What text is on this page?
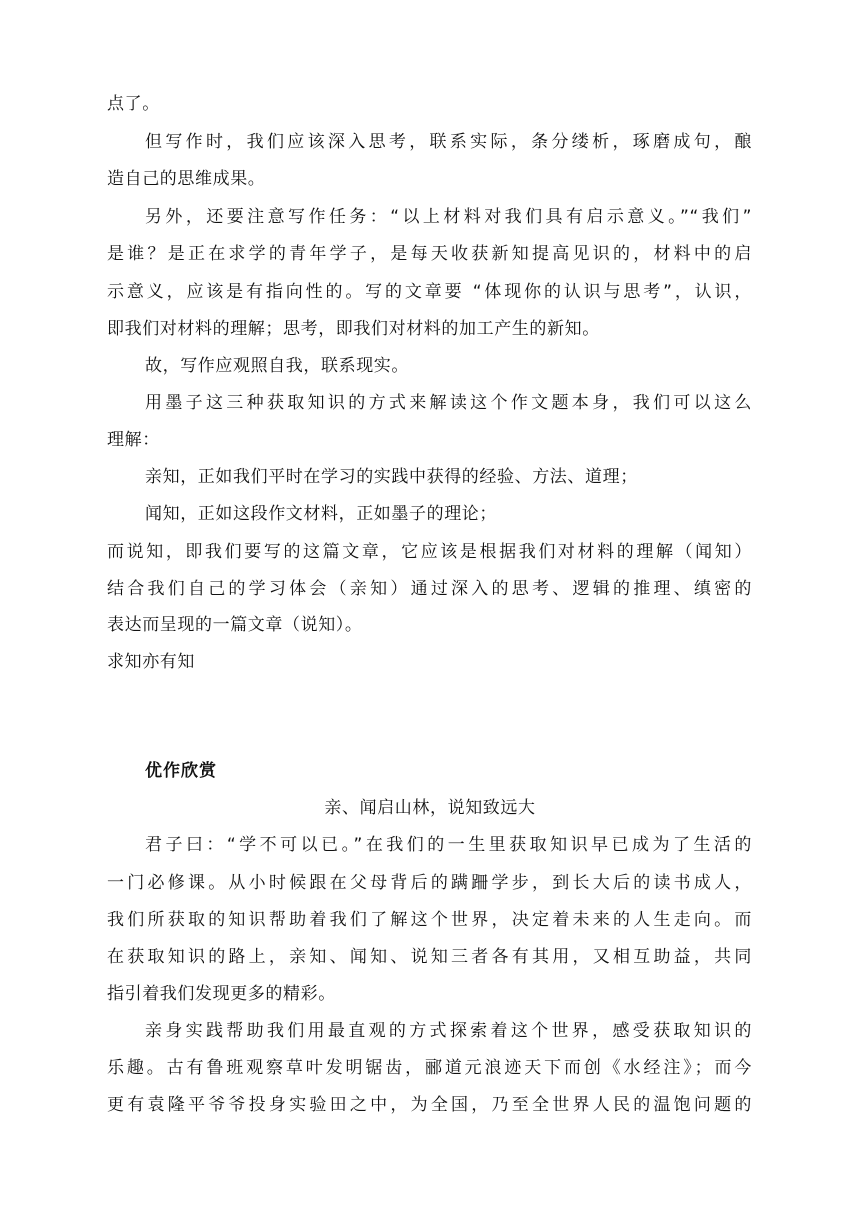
点了。
但写作时，我们应该深入思考，联系实际，条分缕析，琢磨成句，酿
造自己的思维成果。
另外，还要注意写作任务：“以上材料对我们具有启示意义。”“我们”
是谁？是正在求学的青年学子，是每天收获新知提高见识的，材料中的启
示意义，应该是有指向性的。写的文章要 “体现你的认识与思考”，认识，
即我们对材料的理解；思考，即我们对材料的加工产生的新知。
故，写作应观照自我，联系现实。
用墨子这三种获取知识的方式来解读这个作文题本身，我们可以这么
理解：
亲知，正如我们平时在学习的实践中获得的经验、方法、道理；
闻知，正如这段作文材料，正如墨子的理论；
而说知，即我们要写的这篇文章，它应该是根据我们对材料的理解（闻知）
结合我们自己的学习体会（亲知）通过深入的思考、逻辑的推理、缜密的
表达而呈现的一篇文章（说知）。
求知亦有知
优作欣赏
亲、闻启山林，说知致远大
君子曰：“学不可以已。”在我们的一生里获取知识早已成为了生活的
一门必修课。从小时候跟在父母背后的蹒跚学步，到长大后的读书成人，
我们所获取的知识帮助着我们了解这个世界，决定着未来的人生走向。而
在获取知识的路上，亲知、闻知、说知三者各有其用，又相互助益，共同
指引着我们发现更多的精彩。
亲身实践帮助我们用最直观的方式探索着这个世界，感受获取知识的
乐趣。古有鲁班观察草叶发明锯齿，郦道元浪迹天下而创《水经注》；而今
更有袁隆平爷爷投身实验田之中，为全国，乃至全世界人民的温饱问题的
